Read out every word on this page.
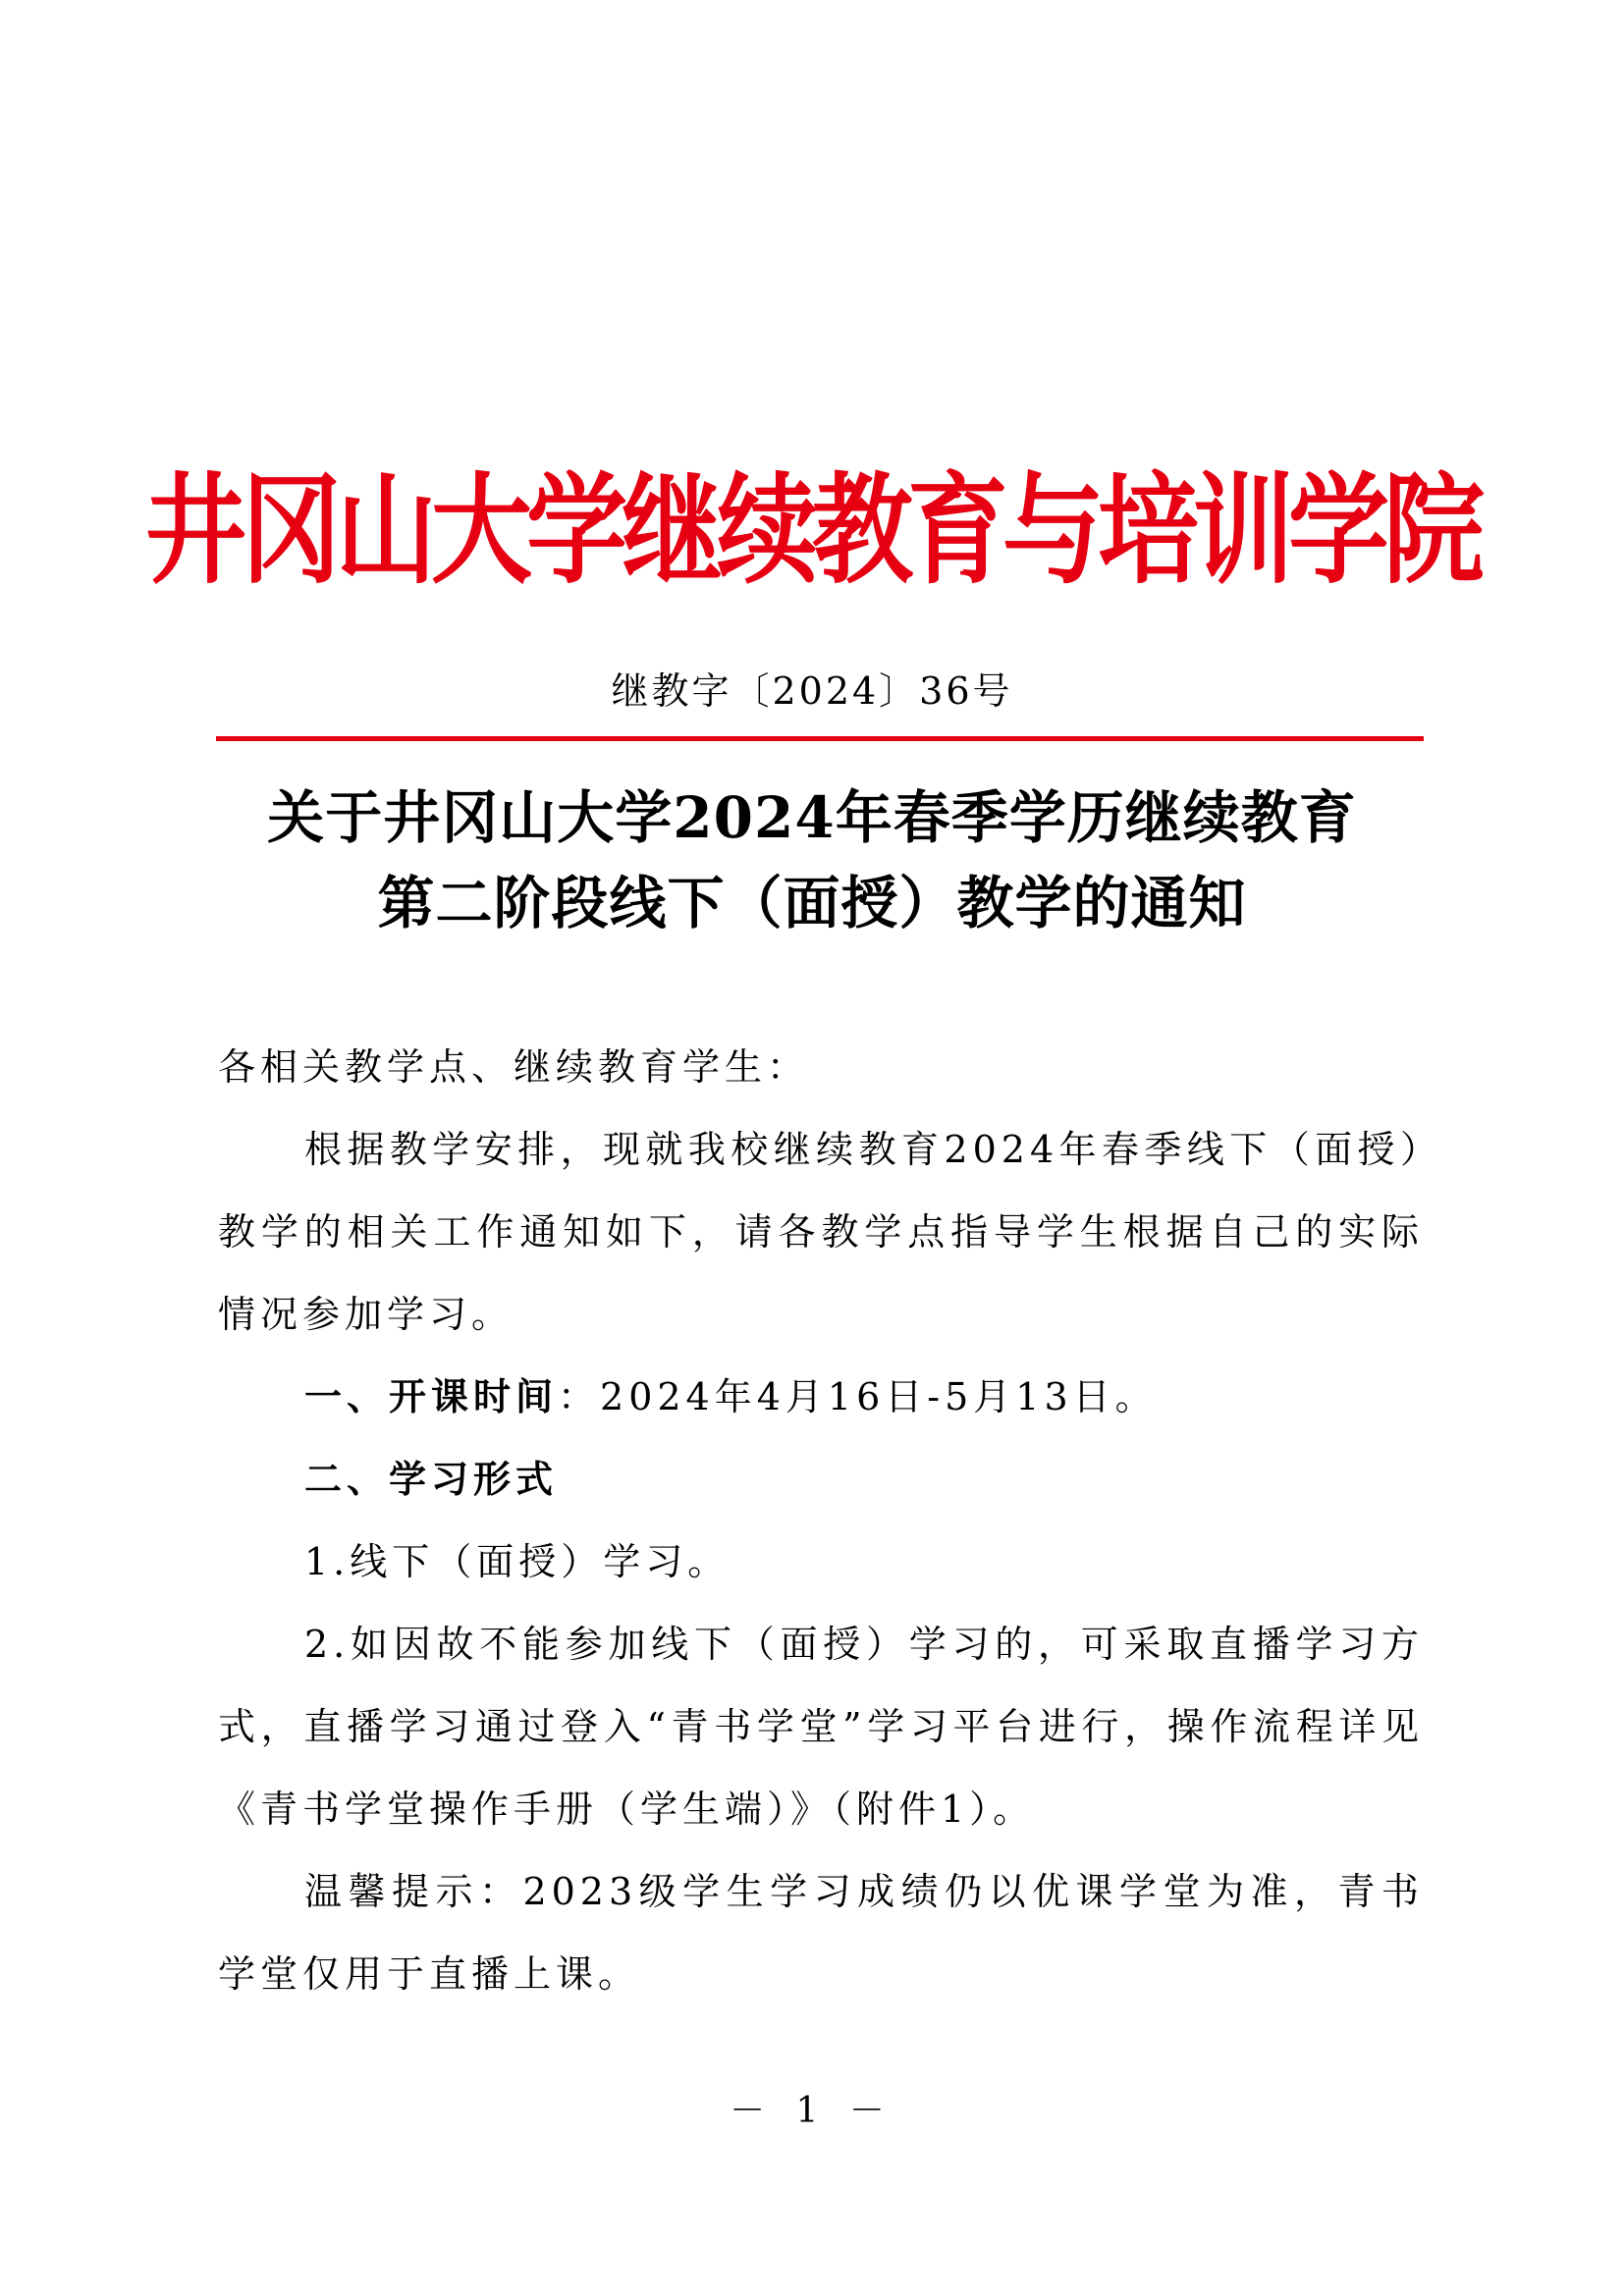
井冈山大学继续教育与培训学院
继教字〔2024〕36号
关于井冈山大学2024年春季学历继续教育
第二阶段线下（面授）教学的通知

各相关教学点、继续教育学生：

根据教学安排，现就我校继续教育2024年春季线下（面授）教学的相关工作通知如下，请各教学点指导学生根据自己的实际情况参加学习。

一、开课时间：2024年4月16日-5月13日。

二、学习形式

1.线下（面授）学习。

2.如因故不能参加线下（面授）学习的，可采取直播学习方式，直播学习通过登入“青书学堂”学习平台进行，操作流程详见《青书学堂操作手册（学生端）》（附件1）。

温馨提示：2023级学生学习成绩仍以优课学堂为准，青书学堂仅用于直播上课。

－ 1 －
